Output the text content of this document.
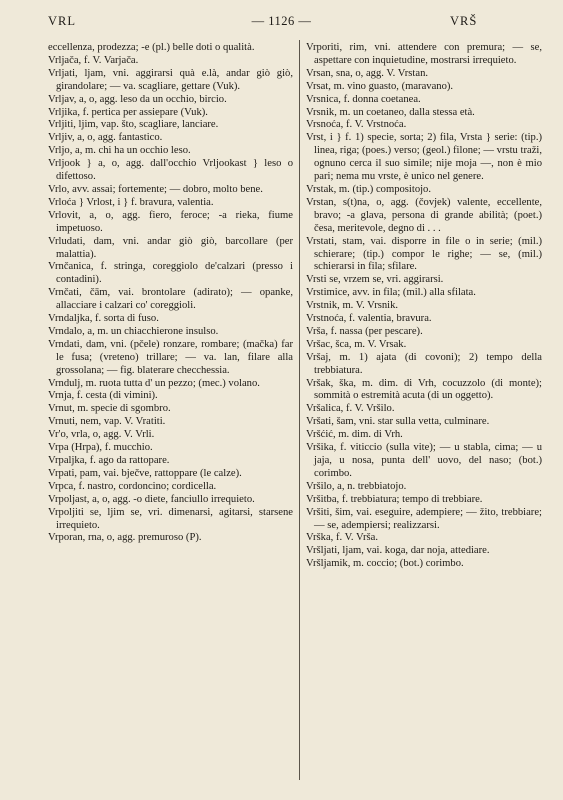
VRL	— 1126 —	VRŠ

eccellenza, prodezza; -e (pl.) belle doti o qualità.

Vrljača, f. V. Varjača.

Vrljati, ljam, vni. aggirarsi quà e.là, andar giò giò, girandolare; — va. scagliare, gettare (Vuk).

Vrljav, a, o, agg. leso da un occhio, bircio.

Vrljika, f. pertica per assiepare (Vuk).

Vrljiti, ljim, vap. što, scagliare, lanciare.

Vrljiv, a, o, agg. fantastico.

Vrljo, a, m. chi ha un occhio leso.

Vrljook } a, o, agg. dall'occhio Vrljookast } leso o difettoso.

Vrlo, avv. assai; fortemente; — dobro, molto bene.

Vrloća } Vrlost, i } f. bravura, valentia.

Vrlovit, a, o, agg. fiero, feroce; -a rieka, fiume impetuoso.

Vrludati, dam, vni. andar giò giò, barcollare (per malattia).

Vrnčanica, f. stringa, coreggiolo de'calzari (presso i contadini).

Vrnčati, čām, vai. brontolare (adirato); — opanke, allacciare i calzari co' coreggioli.

Vrndaljka, f. sorta di fuso.

Vrndalo, a, m. un chiacchierone insulso.

Vrndati, dam, vni. (pčele) ronzare, rombare; (mačka) far le fusa; (vreteno) trillare; — va. lan, filare alla grossolana; — fig. blaterare checchessia.

Vrndulj, m. ruota tutta d' un pezzo; (mec.) volano.

Vrnja, f. cesta (di vimini).

Vrnut, m. specie di sgombro.

Vrnuti, nem, vap. V. Vratiti.

Vr'o, vrla, o, agg. V. Vrli.

Vrpa (Hrpa), f. mucchio.

Vrpaljka, f. ago da rattopare.

Vrpati, pam, vai. bječve, rattoppare (le calze).

Vrpca, f. nastro, cordoncino; cordicella.

Vrpoljast, a, o, agg. -o diete, fanciullo irrequieto.

Vrpoljiti se, ljim se, vri. dimenarsi, agitarsi, starsene irrequieto.

Vrporan, rna, o, agg. premuroso (P).

Vrporiti, rim, vni. attendere con premura; — se, aspettare con inquietudine, mostrarsi irrequieto.

Vrsan, sna, o, agg. V. Vrstan.

Vrsat, m. vino guasto, (maravano).

Vrsnica, f. donna coetanea.

Vrsnik, m. un coetaneo, dalla stessa età.

Vrsnoća, f. V. Vrstnoća.

Vrst, i } f. 1) specie, sorta; 2) fila, Vrsta } serie: (tip.) linea, riga; (poes.) verso; (geol.) filone; — vrstu traži, ognuno cerca il suo simile; nije moja —, non è mio pari; nema mu vrste, è unico nel genere.

Vrstak, m. (tip.) compositojo.

Vrstan, s(t)na, o, agg. (čovjek) valente, eccellente, bravo; -a glava, persona di grande abilità; (poet.) česa, meritevole, degno di . . .

Vrstati, stam, vai. disporre in file o in serie; (mil.) schierare; (tip.) compor le righe; — se, (mil.) schierarsi in fila; sfilare.

Vrsti se, vrzem se, vri. aggirarsi.

Vrstimice, avv. in fila; (mil.) alla sfilata.

Vrstnik, m. V. Vrsnik.

Vrstnoća, f. valentia, bravura.

Vrša, f. nassa (per pescare).

Vršac, šca, m. V. Vrsak.

Vršaj, m. 1) ajata (di covoni); 2) tempo della trebbiatura.

Vršak, ška, m. dim. di Vrh, cocuzzolo (di monte); sommità o estremità acuta (di un oggetto).

Vršalica, f. V. Vršilo.

Vršati, šam, vni. star sulla vetta, culminare.

Vršćić, m. dim. di Vrh.

Vršika, f. viticcio (sulla vite); — u stabla, cima; — u jaja, u nosa, punta dell' uovo, del naso; (bot.) corimbo.

Vršilo, a, n. trebbiatojo.

Vršitba, f. trebbiatura; tempo di trebbiare.

Vršiti, šim, vai. eseguire, adempiere; — žito, trebbiare; — se, adempiersi; realizzarsi.

Vrška, f. V. Vrša.

Vršljati, ljam, vai. koga, dar noja, attediare.

Vršljamik, m. coccio; (bot.) corimbo.
